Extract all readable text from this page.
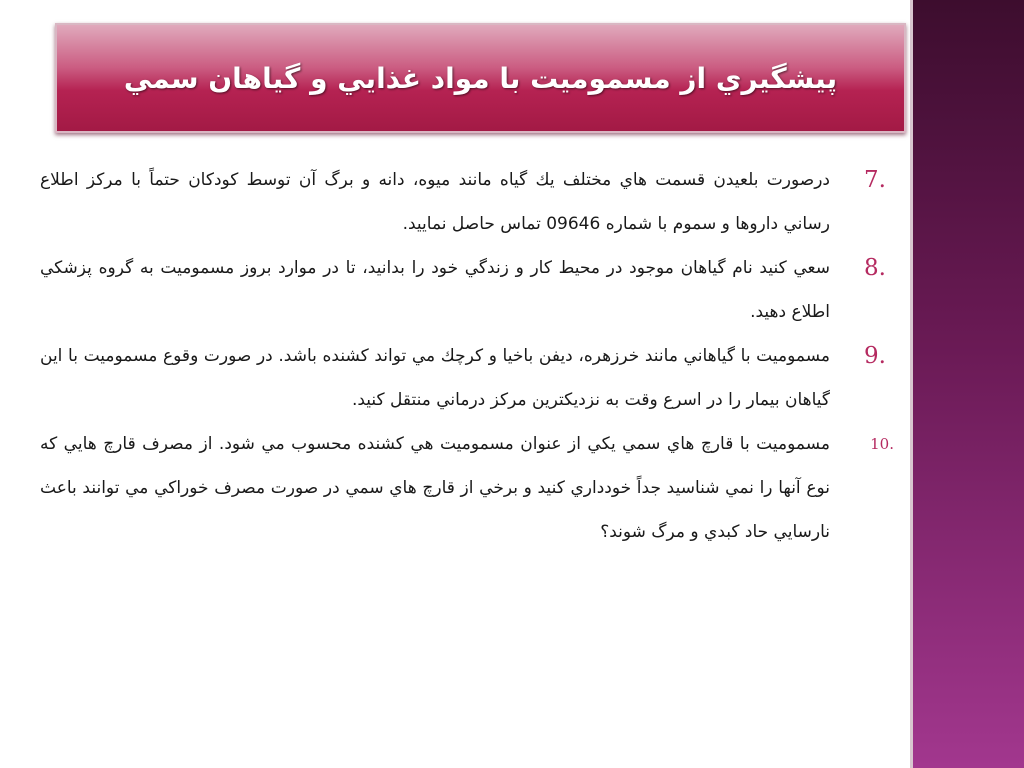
پيشگيري از مسموميت با مواد غذايي و گياهان سمي
7.
درصورت بلعيدن قسمت هاي مختلف يك گياه مانند ميوه، دانه و برگ آن توسط كودكان حتماً با مركز اطلاع رساني داروها و سموم با شماره 09646 تماس حاصل نماييد.
8.
سعي كنيد نام گياهان موجود در محيط كار و زندگي خود را بدانيد، تا در موارد بروز مسموميت به گروه پزشكي اطلاع دهيد.
9.
مسموميت با گياهاني مانند خرزهره، ديفن باخيا و كرچك مي تواند كشنده باشد. در صورت وقوع مسموميت با اين گياهان بيمار را در اسرع وقت به نزديكترين مركز درماني منتقل كنيد.
10.
مسموميت با قارچ هاي سمي يكي از عنوان مسموميت هي كشنده محسوب مي شود. از مصرف قارچ هايي كه نوع آنها را نمي شناسيد جداً خودداري كنيد و برخي از قارچ هاي سمي در صورت مصرف خوراكي مي توانند باعث نارسايي حاد كبدي و مرگ شوند؟
